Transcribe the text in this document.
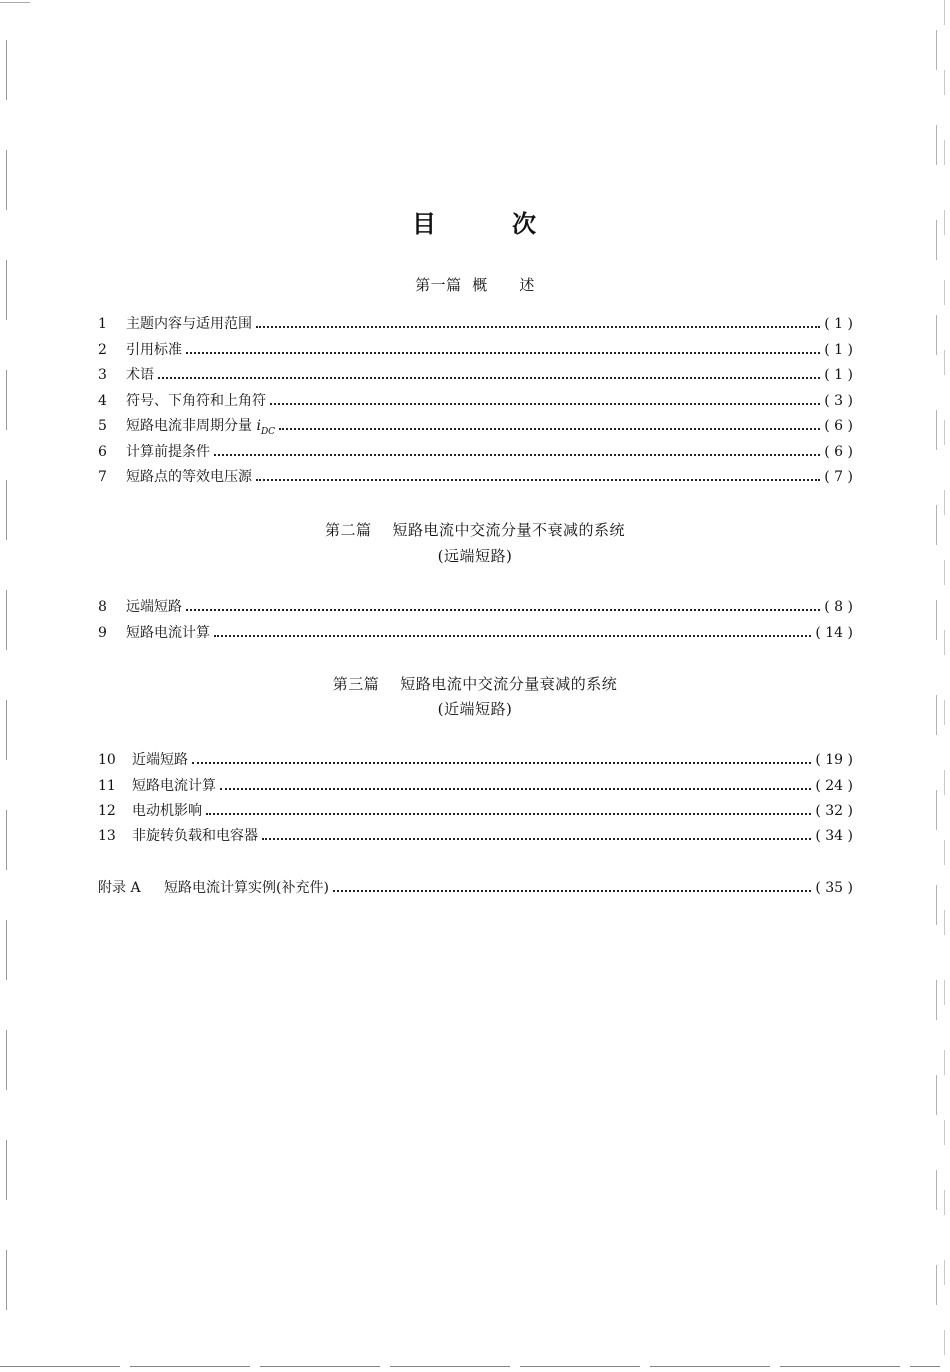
目	次
第一篇  概      述
1	主题内容与适用范围	( 1 )
2	引用标准	( 1 )
3	术语	( 1 )
4	符号、下角符和上角符	( 3 )
5	短路电流非周期分量 $i_{DC}$	( 6 )
6	计算前提条件	( 6 )
7	短路点的等效电压源	( 7 )
第二篇    短路电流中交流分量不衰减的系统
(远端短路)
8	远端短路	( 8 )
9	短路电流计算	( 14 )
第三篇    短路电流中交流分量衰减的系统
(近端短路)
10	近端短路	( 19 )
11	短路电流计算	( 24 )
12	电动机影响	( 32 )
13	非旋转负载和电容器	( 34 )
附录 A	短路电流计算实例(补充件)	( 35 )
